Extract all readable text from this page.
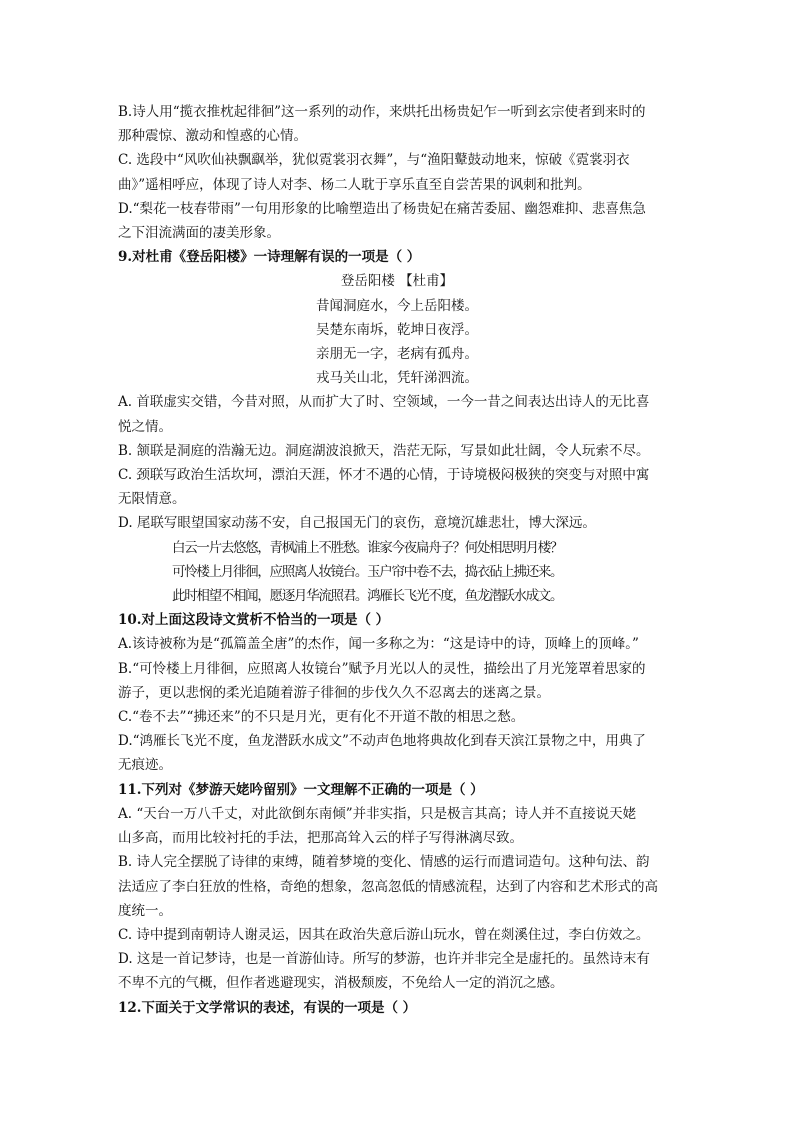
B.诗人用“揽衣推枕起徘徊”这一系列的动作，来烘托出杨贵妃乍一听到玄宗使者到来时的
那种震惊、激动和惶惑的心情。
C. 选段中“风吹仙袂飘飖举，犹似霓裳羽衣舞”，与“渔阳鼙鼓动地来，惊破《霓裳羽衣
曲》”遥相呼应，体现了诗人对李、杨二人耽于享乐直至自尝苦果的讽刺和批判。
D.“梨花一枝春带雨”一句用形象的比喻塑造出了杨贵妃在痛苦委屈、幽怨难抑、悲喜焦急
之下泪流满面的凄美形象。
9.对杜甫《登岳阳楼》一诗理解有误的一项是（ ）
登岳阳楼 【杜甫】
昔闻洞庭水，今上岳阳楼。
吴楚东南坼，乾坤日夜浮。
亲朋无一字，老病有孤舟。
戎马关山北，凭轩涕泗流。
A. 首联虚实交错，今昔对照，从而扩大了时、空领域，一今一昔之间表达出诗人的无比喜
悦之情。
B. 颔联是洞庭的浩瀚无边。洞庭湖波浪掀天，浩茫无际，写景如此壮阔，令人玩索不尽。
C. 颈联写政治生活坎坷，漂泊天涯，怀才不遇的心情，于诗境极闷极狭的突变与对照中寓
无限情意。
D. 尾联写眼望国家动荡不安，自己报国无门的哀伤，意境沉雄悲壮，博大深远。
白云一片去悠悠，青枫浦上不胜愁。谁家今夜扁舟子？何处相思明月楼？
可怜楼上月徘徊，应照离人妆镜台。玉户帘中卷不去，捣衣砧上拂还来。
此时相望不相闻，愿逐月华流照君。鸿雁长飞光不度，鱼龙潜跃水成文。
10.对上面这段诗文赏析不恰当的一项是（ ）
A.该诗被称为是“孤篇盖全唐”的杰作，闻一多称之为：“这是诗中的诗，顶峰上的顶峰。”
B.“可怜楼上月徘徊，应照离人妆镜台”赋予月光以人的灵性，描绘出了月光笼罩着思家的
游子，更以悲悯的柔光追随着游子徘徊的步伐久久不忍离去的迷离之景。
C.“卷不去”“拂还来”的不只是月光，更有化不开道不散的相思之愁。
D.“鸿雁长飞光不度，鱼龙潜跃水成文”不动声色地将典故化到春天滨江景物之中，用典了
无痕迹。
11.下列对《梦游天姥吟留别》一文理解不正确的一项是（ ）
A. “天台一万八千丈，对此欲倒东南倾”并非实指，只是极言其高；诗人并不直接说天姥
山多高，而用比较衬托的手法，把那高耸入云的样子写得淋漓尽致。
B. 诗人完全摆脱了诗律的束缚，随着梦境的变化、情感的运行而遣词造句。这种句法、韵
法适应了李白狂放的性格，奇绝的想象，忽高忽低的情感流程，达到了内容和艺术形式的高
度统一。
C. 诗中提到南朝诗人谢灵运，因其在政治失意后游山玩水，曾在剡溪住过，李白仿效之。
D. 这是一首记梦诗，也是一首游仙诗。所写的梦游，也许并非完全是虚托的。虽然诗末有
不卑不亢的气概，但作者逃避现实，消极颓废，不免给人一定的消沉之感。
12.下面关于文学常识的表述，有误的一项是（ ）
